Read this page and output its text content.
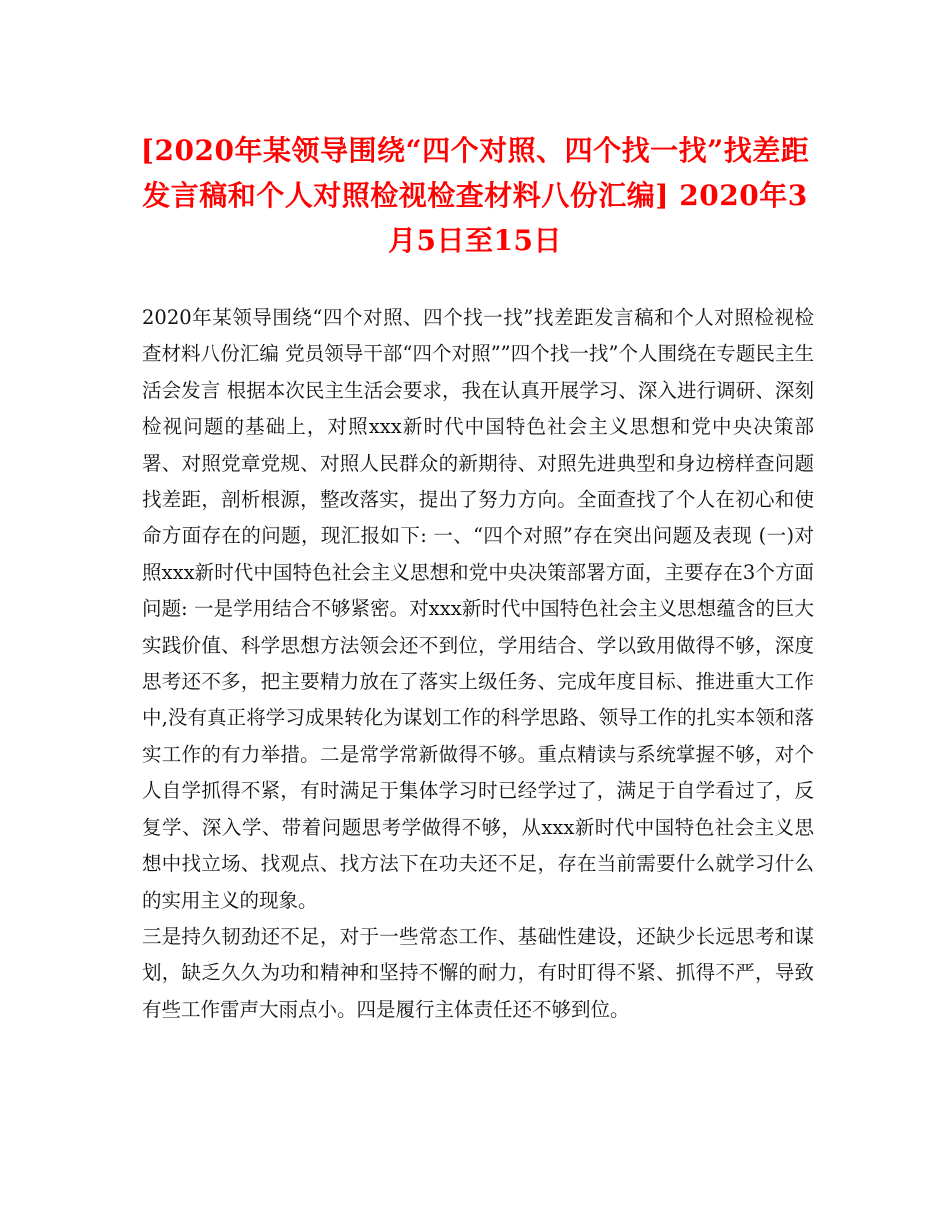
[2020年某领导围绕“四个对照、四个找一找”找差距发言稿和个人对照检视检查材料八份汇编] 2020年3月5日至15日

2020年某领导围绕“四个对照、四个找一找”找差距发言稿和个人对照检视检查材料八份汇编 党员领导干部“四个对照””四个找一找”个人围绕在专题民主生活会发言 根据本次民主生活会要求，我在认真开展学习、深入进行调研、深刻检视问题的基础上，对照xxx新时代中国特色社会主义思想和党中央决策部署、对照党章党规、对照人民群众的新期待、对照先进典型和身边榜样查问题找差距，剖析根源，整改落实，提出了努力方向。全面查找了个人在初心和使命方面存在的问题，现汇报如下: 一、“四个对照”存在突出问题及表现 (一)对照xxx新时代中国特色社会主义思想和党中央决策部署方面，主要存在3个方面问题: 一是学用结合不够紧密。对xxx新时代中国特色社会主义思想蕴含的巨大实践价值、科学思想方法领会还不到位，学用结合、学以致用做得不够，深度思考还不多，把主要精力放在了落实上级任务、完成年度目标、推进重大工作中,没有真正将学习成果转化为谋划工作的科学思路、领导工作的扎实本领和落实工作的有力举措。二是常学常新做得不够。重点精读与系统掌握不够，对个人自学抓得不紧，有时满足于集体学习时已经学过了，满足于自学看过了，反复学、深入学、带着问题思考学做得不够，从xxx新时代中国特色社会主义思想中找立场、找观点、找方法下在功夫还不足，存在当前需要什么就学习什么的实用主义的现象。

三是持久韧劲还不足，对于一些常态工作、基础性建设，还缺少长远思考和谋划，缺乏久久为功和精神和坚持不懈的耐力，有时盯得不紧、抓得不严，导致有些工作雷声大雨点小。四是履行主体责任还不够到位。
